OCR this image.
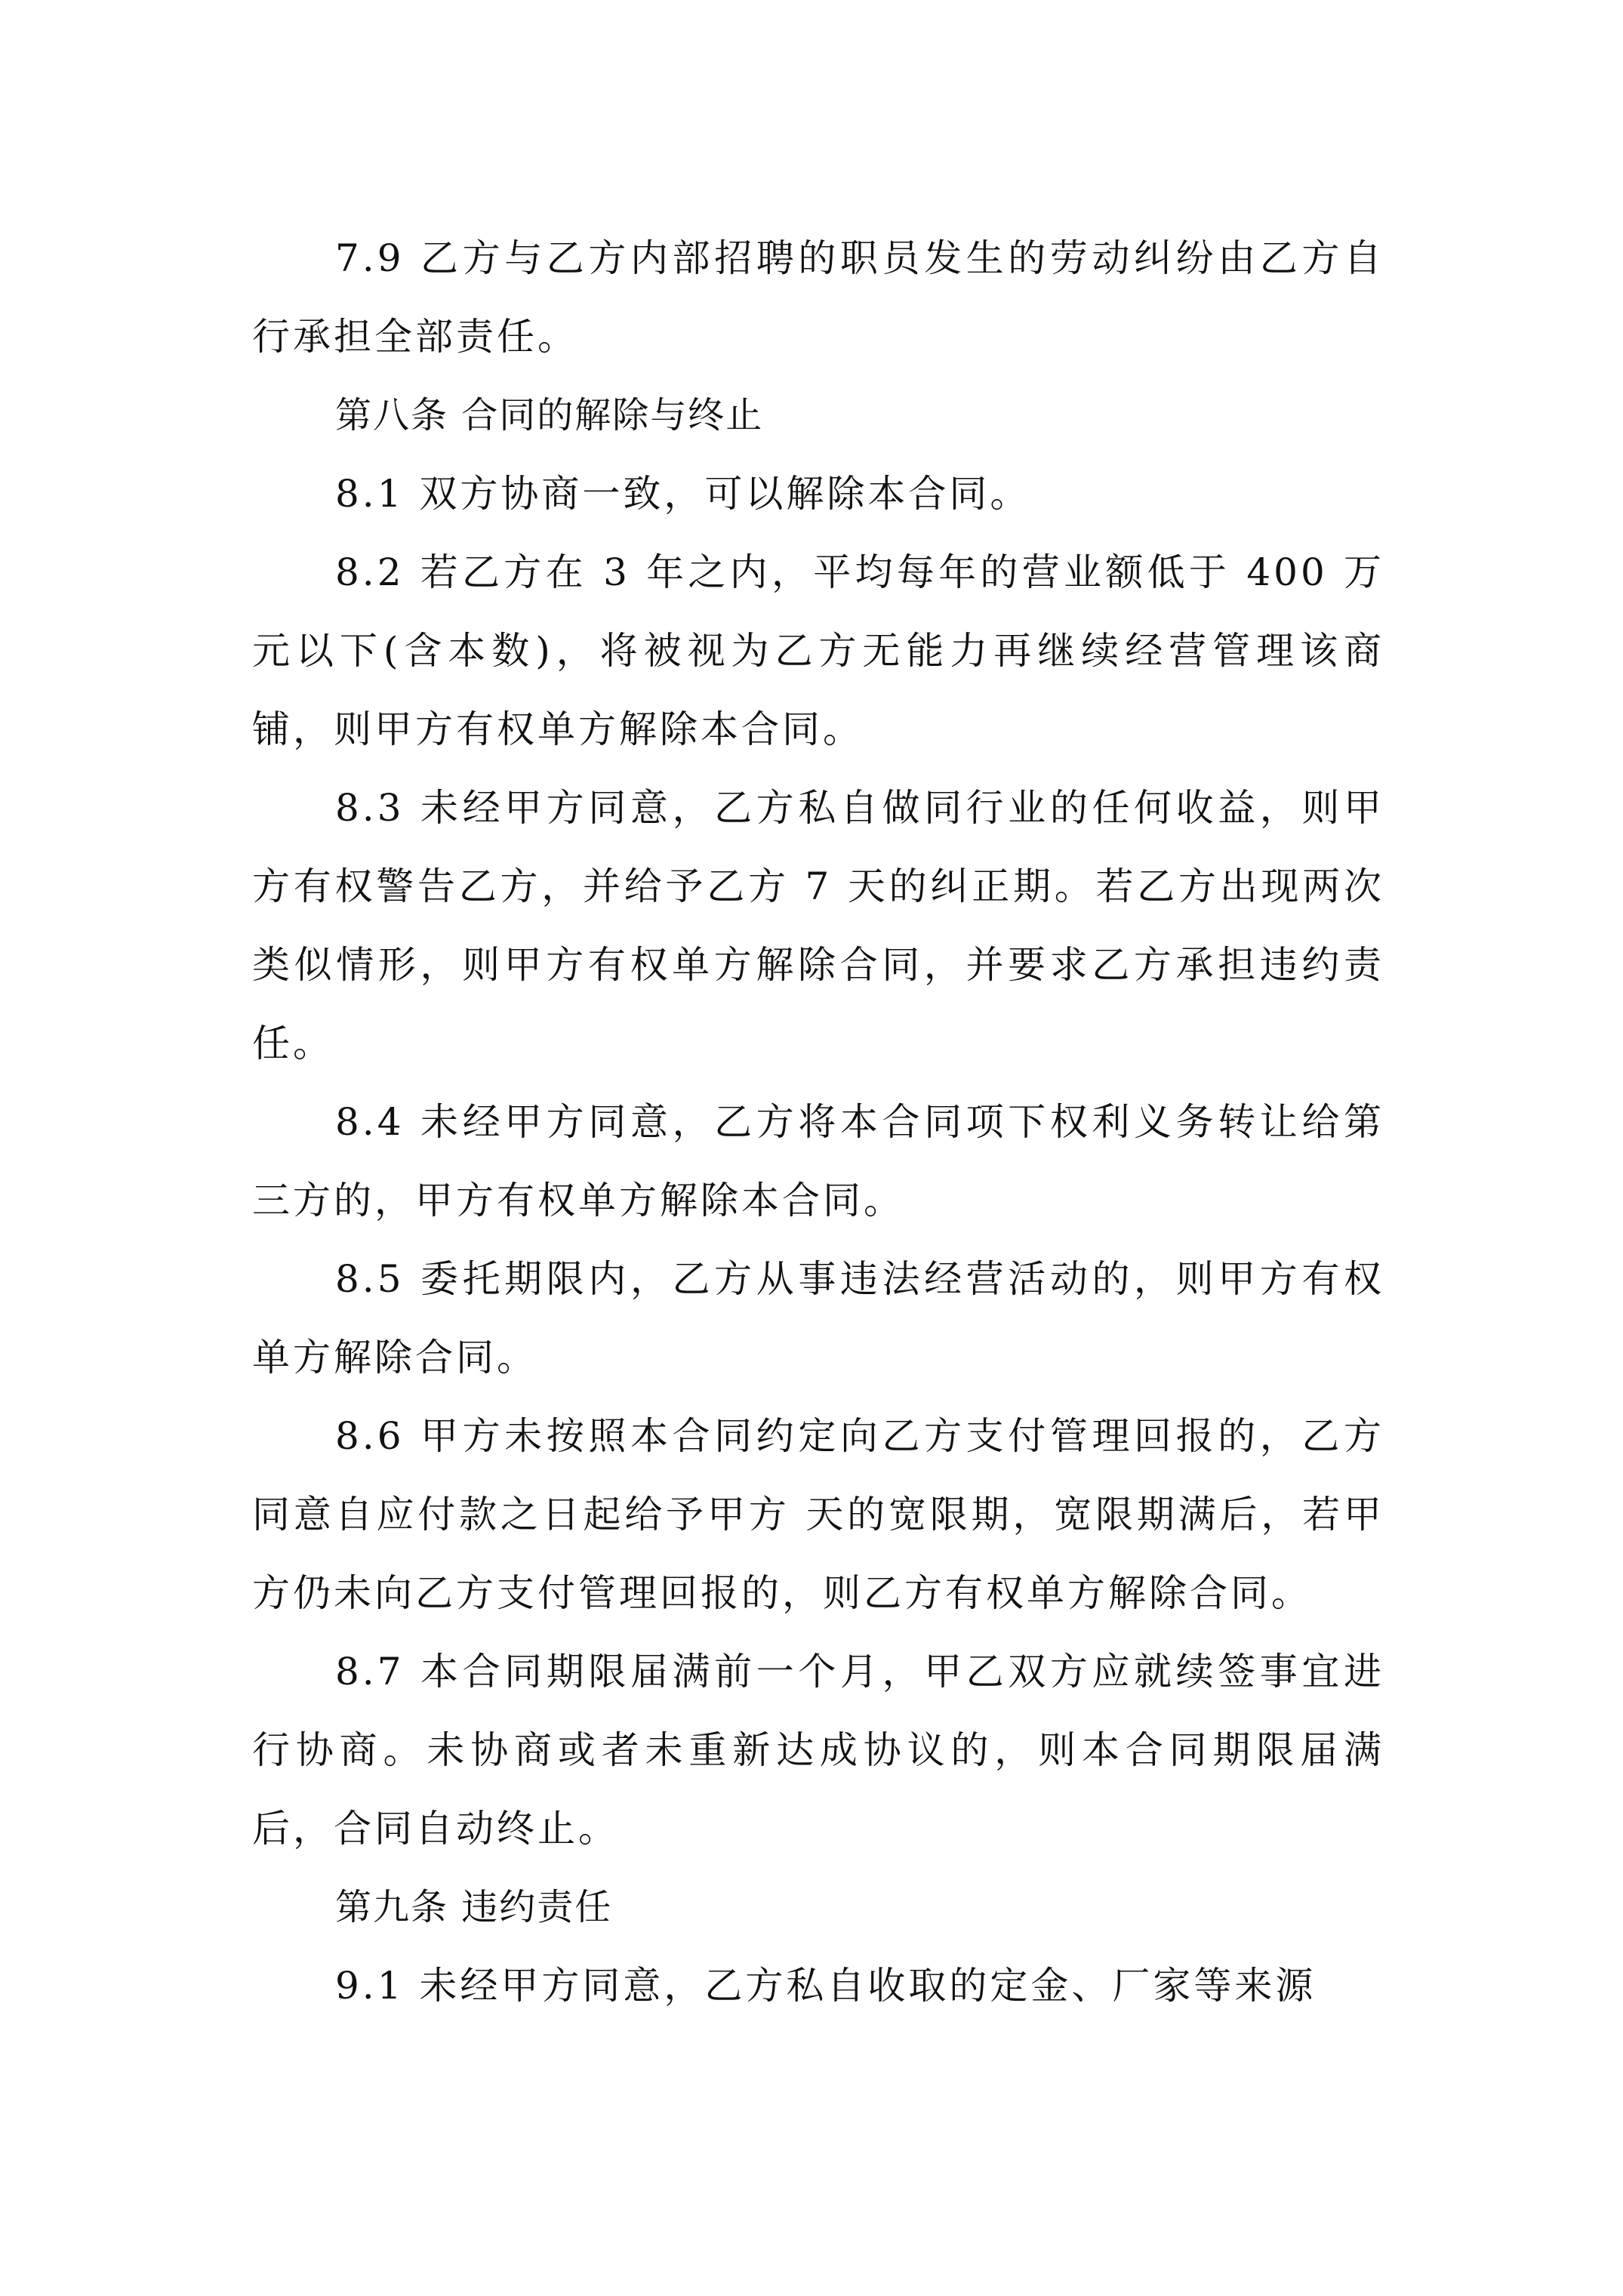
7.9 乙方与乙方内部招聘的职员发生的劳动纠纷由乙方自行承担全部责任。

第八条 合同的解除与终止

8.1 双方协商一致，可以解除本合同。

8.2 若乙方在 3 年之内，平均每年的营业额低于 400 万元以下(含本数)，将被视为乙方无能力再继续经营管理该商铺，则甲方有权单方解除本合同。

8.3 未经甲方同意，乙方私自做同行业的任何收益，则甲方有权警告乙方，并给予乙方 7 天的纠正期。若乙方出现两次类似情形，则甲方有权单方解除合同，并要求乙方承担违约责任。

8.4 未经甲方同意，乙方将本合同项下权利义务转让给第三方的，甲方有权单方解除本合同。

8.5 委托期限内，乙方从事违法经营活动的，则甲方有权单方解除合同。

8.6 甲方未按照本合同约定向乙方支付管理回报的，乙方同意自应付款之日起给予甲方 天的宽限期，宽限期满后，若甲方仍未向乙方支付管理回报的，则乙方有权单方解除合同。

8.7 本合同期限届满前一个月，甲乙双方应就续签事宜进行协商。未协商或者未重新达成协议的，则本合同期限届满后，合同自动终止。

第九条 违约责任

9.1 未经甲方同意，乙方私自收取的定金、厂家等来源
